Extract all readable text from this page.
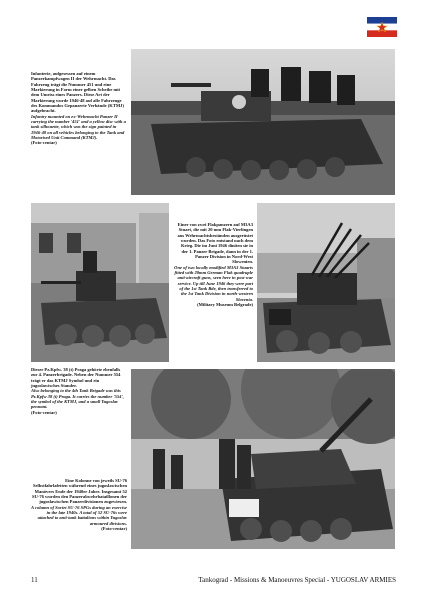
Infanterie, aufgesessen auf einem Panzerkampfwagen II der Wehrmacht. Das Fahrzeug trägt die Nummer 451 und eine Markierung in Form einer gelben Scheibe mit dem Umriss eines Panzers. Diese Art der Markierung wurde 1946-48 auf alle Fahrzeuge des Kommandos Gepanzerte Verbände (KTMJ) aufgebracht.

Infantry mounted on ex-Wehrmacht Panzer II carrying the number '451' and a yellow disc with a tank silhouette, which was the sign painted in 1946-48 on all vehicles belonging to the Tank and Motorised Unit Command (KTMJ).

(Foto-centar)

Einer von zwei Flakpanzern auf M3A3 Stuart, die mit 20 mm Flak-Vierlingen aus Wehrmachtsbeständen ausgerüstet wurden. Das Foto entstand nach dem Krieg. Die im Juni 1946 diniten sie in der 1. Panzer Brigade, dann in der 1. Panzer Division in Nord-West Slowenien.

One of two locally modified M3A3 Stuarts fitted with 20mm German Flak quadruple anti-aircraft guns, seen here in post-war service. Up till June 1946 they were part of the 1st Tank Bde, then transferred to the 1st Tank Division in north-western Slovenia.

(Military Museum Belgrade)

Dieser Pz.Kpfw. 38 (t) Praga gehörte ebenfalls zur 4. Panzerbrigade. Neben der Nummer 554 trägt er das KTMJ Symbol und ein jugoslawisches Stander.

Also belonging to the 4th Tank Brigade was this Pz.Kpfw 38 (t) Praga. It carries the number '554', the symbol of the KTMJ, and a small Yugoslav pennant.

(Foto-centar)

Eine Kolonne von jeweils SU-76 Selbstfahrlafetten während eines jugoslawischen Manövers Ende der 1940er Jahre. Insgesamt 52 SU-76 wurden den Panzerabwehrbataillonen der jugoslawischen Panzerdivisionen zugewiesen.

A column of Soviet SU-76 SPGs during an exercise in the late 1940s. A total of 52 SU-76s were attached to anti-tank battalions within Yugoslav armoured divisions.

(Foto-centar)

11	Tankograd - Missions & Manoeuvres Special - YUGOSLAV ARMIES
